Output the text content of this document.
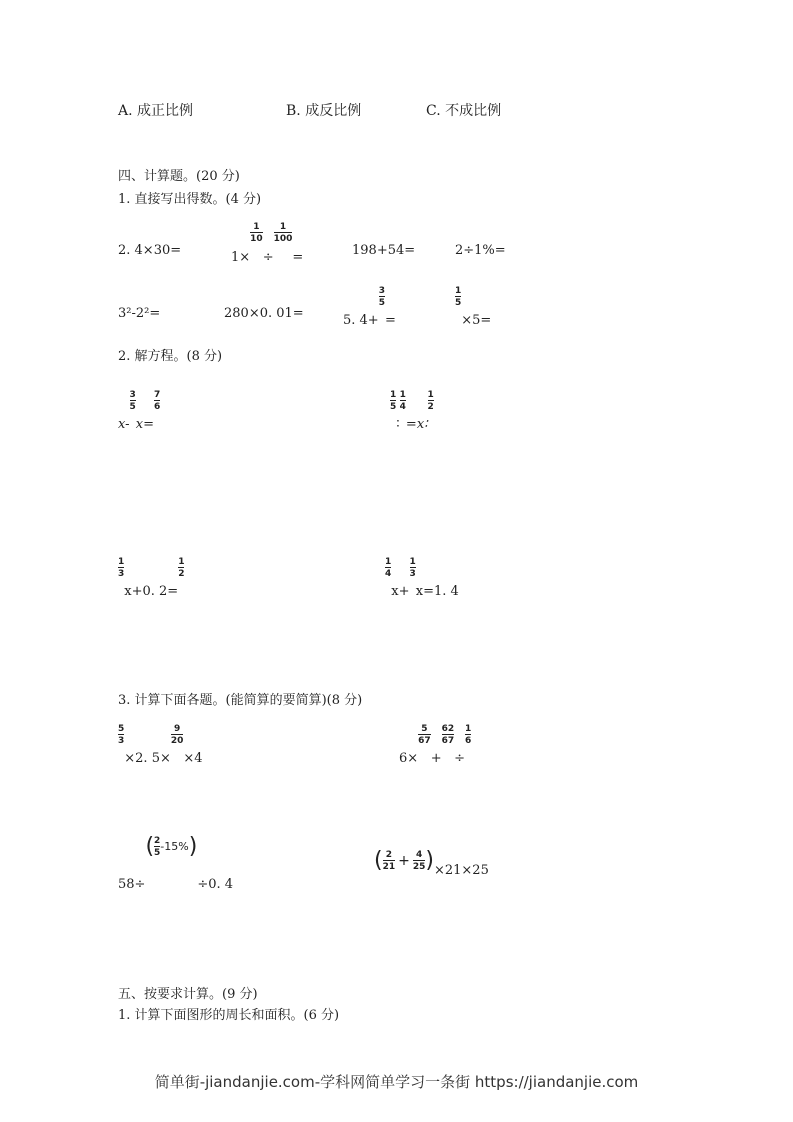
A. 成正比例	B. 成反比例	C. 不成比例
四、计算题。(20 分)
1. 直接写出得数。(4 分)
2. 4×30=	1×
$\frac{1}{10}$
÷
$\frac{1}{100}$
=	198+54=	2÷1%=
3²-2²=	280×0. 01=	5. 4+
$\frac{3}{5}$
=
$\frac{1}{5}$
×5=
2. 解方程。(8 分)
x-
$\frac{3}{5}$
x=
$\frac{7}{6}$	$\frac{1}{5}$
∶
$\frac{1}{4}$
=x∶
$\frac{1}{2}$
$\frac{1}{3}$
x+0. 2=
$\frac{1}{2}$	$\frac{1}{4}$
x+
$\frac{1}{3}$
x=1. 4
3. 计算下面各题。(能简算的要简算)(8 分)
$\frac{5}{3}$
×2. 5×
$\frac{9}{20}$
×4	6×
$\frac{5}{67}$
+
$\frac{62}{67}$
÷
$\frac{1}{6}$
$58\div( \frac{2}{5} -15\%)\div 0$. 4
( $\frac{2}{21} + \frac{4}{25} )\times 21\times 25$
五、按要求计算。(9 分)
1. 计算下面图形的周长和面积。(6 分)
简单街-jiandanjie.com-学科网简单学习一条街 https://jiandanjie.com
